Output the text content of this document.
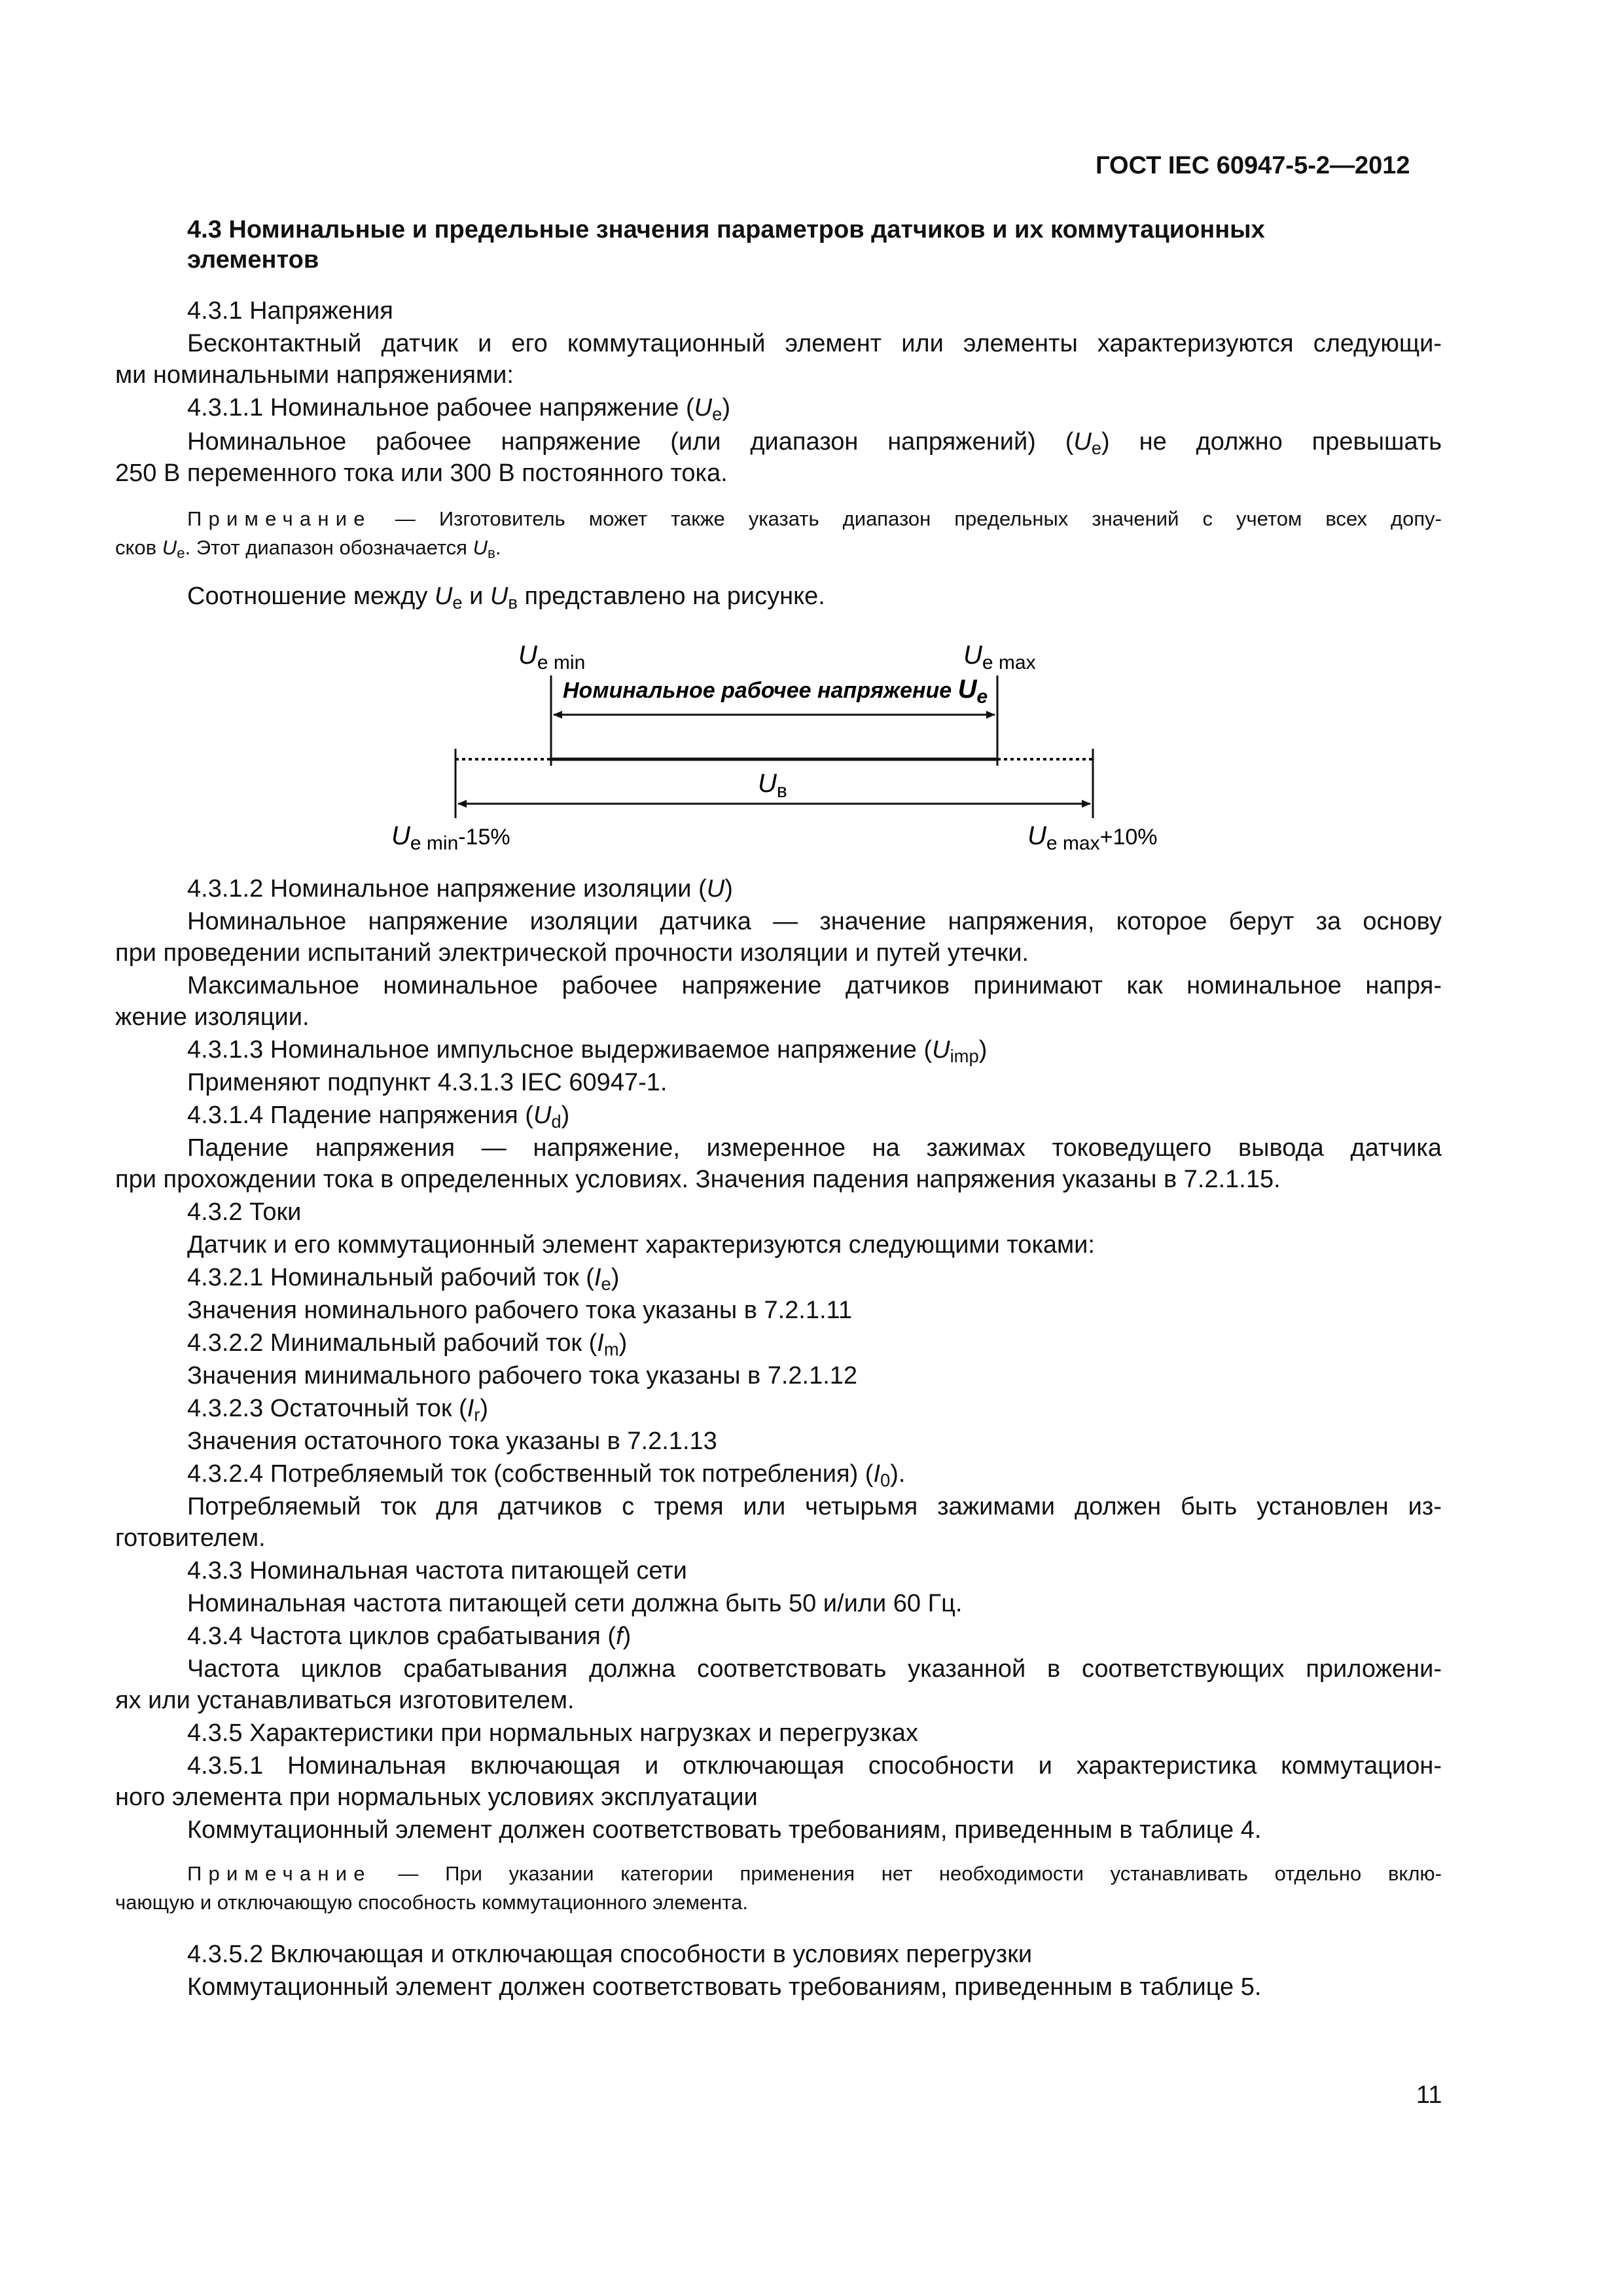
ГОСТ IEC 60947-5-2—2012
4.3 Номинальные и предельные значения параметров датчиков и их коммутационных
элементов
4.3.1 Напряжения
Бесконтактный датчик и его коммутационный элемент или элементы характеризуются следующи-
ми номинальными напряжениями:
4.3.1.1 Номинальное рабочее напряжение $(U_e)$
Номинальное рабочее напряжение (или диапазон напряжений) $(U_e)$ не должно превышать
250 В переменного тока или 300 В постоянного тока.
Примечание — Изготовитель может также указать диапазон предельных значений с учетом всех допу-
сков $U_e$. Этот диапазон обозначается $U_в$.
Соотношение между $U_e$ и $U_в$ представлено на рисунке.
$U_{e min}$	$U_{e max}$
Номинальное рабочее напряжение Ue
$U_в$
$U_{e min}^{-15\%}$	$U_{e max}^{+10\%}$
4.3.1.2 Номинальное напряжение изоляции (U)
Номинальное напряжение изоляции датчика — значение напряжения, которое берут за основу
при проведении испытаний электрической прочности изоляции и путей утечки.
Максимальное номинальное рабочее напряжение датчиков принимают как номинальное напря-
жение изоляции.
4.3.1.3 Номинальное импульсное выдерживаемое напряжение $(U_{imp})$
Применяют подпункт 4.3.1.3 IEC 60947-1.
4.3.1.4 Падение напряжения $(U_d)$
Падение напряжения — напряжение, измеренное на зажимах токоведущего вывода датчика
при прохождении тока в определенных условиях. Значения падения напряжения указаны в 7.2.1.15.
4.3.2 Токи
Датчик и его коммутационный элемент характеризуются следующими токами:
4.3.2.1 Номинальный рабочий ток $(I_e)$
Значения номинального рабочего тока указаны в 7.2.1.11
4.3.2.2 Минимальный рабочий ток $(I_m)$
Значения минимального рабочего тока указаны в 7.2.1.12
4.3.2.3 Остаточный ток $(I_r)$
Значения остаточного тока указаны в 7.2.1.13
4.3.2.4 Потребляемый ток (собственный ток потребления) $(I_0)$.
Потребляемый ток для датчиков с тремя или четырьмя зажимами должен быть установлен из-
готовителем.
4.3.3 Номинальная частота питающей сети
Номинальная частота питающей сети должна быть 50 и/или 60 Гц.
4.3.4 Частота циклов срабатывания (f)
Частота циклов срабатывания должна соответствовать указанной в соответствующих приложени-
ях или устанавливаться изготовителем.
4.3.5 Характеристики при нормальных нагрузках и перегрузках
4.3.5.1 Номинальная включающая и отключающая способности и характеристика коммутацион-
ного элемента при нормальных условиях эксплуатации
Коммутационный элемент должен соответствовать требованиям, приведенным в таблице 4.
Примечание — При указании категории применения нет необходимости устанавливать отдельно вклю-
чающую и отключающую способность коммутационного элемента.
4.3.5.2 Включающая и отключающая способности в условиях перегрузки
Коммутационный элемент должен соответствовать требованиям, приведенным в таблице 5.
11
